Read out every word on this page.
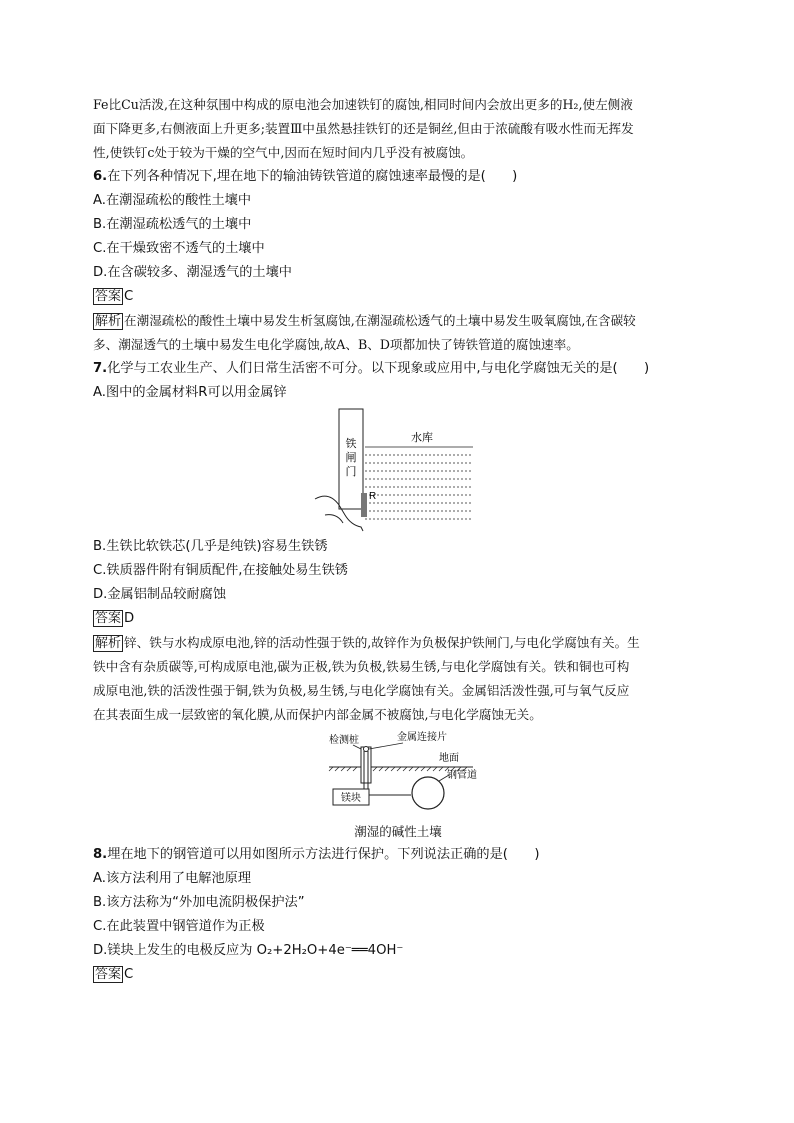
Fe比Cu活泼,在这种氛围中构成的原电池会加速铁钉的腐蚀,相同时间内会放出更多的H₂,使左侧液

面下降更多,右侧液面上升更多;装置Ⅲ中虽然悬挂铁钉的还是铜丝,但由于浓硫酸有吸水性而无挥发

性,使铁钉c处于较为干燥的空气中,因而在短时间内几乎没有被腐蚀。

6.在下列各种情况下,埋在地下的输油铸铁管道的腐蚀速率最慢的是(　　)

A.在潮湿疏松的酸性土壤中

B.在潮湿疏松透气的土壤中

C.在干燥致密不透气的土壤中

D.在含碳较多、潮湿透气的土壤中

答案 C

解析 在潮湿疏松的酸性土壤中易发生析氢腐蚀,在潮湿疏松透气的土壤中易发生吸氧腐蚀,在含碳较

多、潮湿透气的土壤中易发生电化学腐蚀,故A、B、D项都加快了铸铁管道的腐蚀速率。

7.化学与工农业生产、人们日常生活密不可分。以下现象或应用中,与电化学腐蚀无关的是(　　)

A.图中的金属材料R可以用金属锌

铁
闸
门
水库
R

B.生铁比软铁芯(几乎是纯铁)容易生铁锈

C.铁质器件附有铜质配件,在接触处易生铁锈

D.金属铝制品较耐腐蚀

答案 D

解析 锌、铁与水构成原电池,锌的活动性强于铁的,故锌作为负极保护铁闸门,与电化学腐蚀有关。生

铁中含有杂质碳等,可构成原电池,碳为正极,铁为负极,铁易生锈,与电化学腐蚀有关。铁和铜也可构

成原电池,铁的活泼性强于铜,铁为负极,易生锈,与电化学腐蚀有关。金属铝活泼性强,可与氧气反应

在其表面生成一层致密的氧化膜,从而保护内部金属不被腐蚀,与电化学腐蚀无关。

检测桩	金属连接片
地面
镁块
钢管道

潮湿的碱性土壤

8.埋在地下的钢管道可以用如图所示方法进行保护。下列说法正确的是(　　)

A.该方法利用了电解池原理

B.该方法称为“外加电流阴极保护法”

C.在此装置中钢管道作为正极

D.镁块上发生的电极反应为 O₂+2H₂O+4e⁻══4OH⁻

答案 C
